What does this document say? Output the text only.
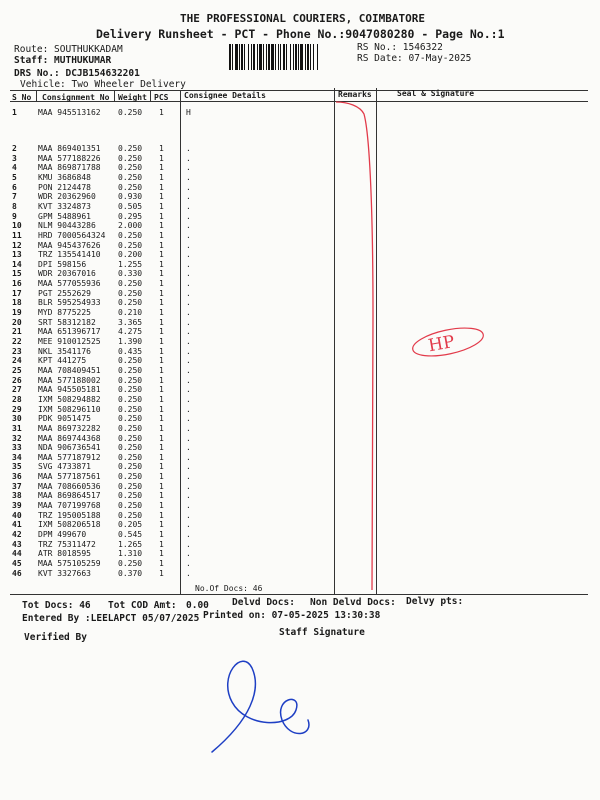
THE PROFESSIONAL COURIERS, COIMBATORE
Delivery Runsheet - PCT - Phone No.:9047080280 - Page No.:1
Route: SOUTHUKKADAM
Staff: MUTHUKUMAR
DRS No.: DCJB154632201
Vehicle: Two Wheeler Delivery
RS No.: 1546322
RS Date: 07-May-2025
S No Consignment No Weight PCS Consignee Details	Remarks	Seal & Signature
1	MAA 945513162 0.250 1	H
2	MAA 869401351 0.250 1	.
3	MAA 577188226 0.250 1	.
4	MAA 869871788 0.250 1	.
5	KMU 3686848	0.250 1	.
6	PON 2124478	0.250 1	.
7	WDR 20362960	0.930 1	.
8	KVT 3324873	0.505 1	.
9	GPM 5488961	0.295 1	.
10 NLM 90443286	2.000 1	.
11 HRD 7000564324 0.250 1	.
12 MAA 945437626 0.250 1	.
13 TRZ 135541410 0.200 1	.
14 DPI 598156	1.255 1	.
15 WDR 20367016	0.330 1	.
16 MAA 577055936 0.250 1	.
17 PGT 2552629	0.250 1	.
18 BLR 595254933 0.250 1	.
19 MYD 8775225	0.210 1	.
20 SRT 58312182	3.365 1	.
21 MAA 651396717 4.275 1	.
22 MEE 910012525 1.390 1	.
23 NKL 3541176	0.435 1	.
24 KPT 441275	0.250 1	.
25 MAA 708409451 0.250 1	.
26 MAA 577188002 0.250 1	.
27 MAA 945505181 0.250 1	.
28 IXM 508294882 0.250 1	.
29 IXM 508296110 0.250 1	.
30 PDK 9051475	0.250 1	.
31 MAA 869732282 0.250 1	.
32 MAA 869744368 0.250 1	.
33 NDA 906736541 0.250 1	.
34 MAA 577187912 0.250 1	.
35 SVG 4733871	0.250 1	.
36 MAA 577187561 0.250 1	.
37 MAA 708660536 0.250 1	.
38 MAA 869864517 0.250 1	.
39 MAA 707199768 0.250 1	.
40 TRZ 195005188 0.250 1	.
41 IXM 508206518 0.205 1	.
42 DPM 499670	0.545 1	.
43 TRZ 75311472	1.265 1	.
44 ATR 8018595	1.310 1	.
45 MAA 575105259 0.250 1	.
46 KVT 3327663	0.370 1	.
No.Of Docs: 46
Tot Docs: 46 Tot COD Amt: 0.00 Delvd Docs: Non Delvd Docs: Delvy pts:
Entered By :LEELAPCT 05/07/2025 Printed on: 07-05-2025 13:30:38
Verified By	Staff Signature
HP
